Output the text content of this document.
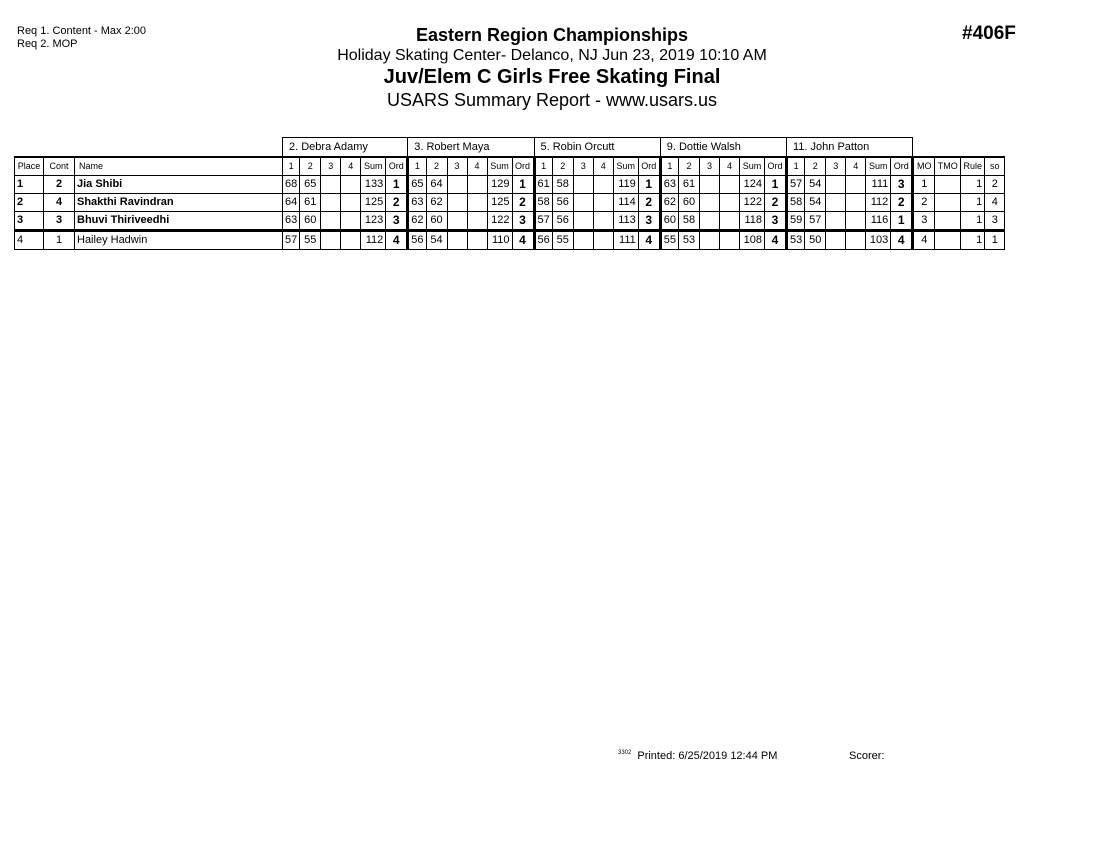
Req 1. Content - Max 2:00
Req 2. MOP	#406F
Eastern Region Championships
Holiday Skating Center- Delanco, NJ Jun 23, 2019 10:10 AM
Juv/Elem C Girls Free Skating Final
USARS Summary Report - www.usars.us
			2. Debra Adamy						3. Robert Maya						5. Robin Orcutt						9. Dottie Walsh						11. John Patton									
Place	Cont	Name	1	2	3	4	Sum	Ord	1	2	3	4	Sum	Ord	1	2	3	4	Sum	Ord	1	2	3	4	Sum	Ord	1	2	3	4	Sum	Ord	MO	TMO	Rule	so
1	2	Jia Shibi	68	65			133	1	65	64			129	1	61	58			119	1	63	61			124	1	57	54			111	3	1		1	2
2	4	Shakthi Ravindran	64	61			125	2	63	62			125	2	58	56			114	2	62	60			122	2	58	54			112	2	2		1	4
3	3	Bhuvi Thiriveedhi	63	60			123	3	62	60			122	3	57	56			113	3	60	58			118	3	59	57			116	1	3		1	3
4	1	Hailey Hadwin	57	55			112	4	56	54			110	4	56	55			111	4	55	53			108	4	53	50			103	4	4		1	1
$^{3302}$ Printed: 6/25/2019 12:44 PM	Scorer:
